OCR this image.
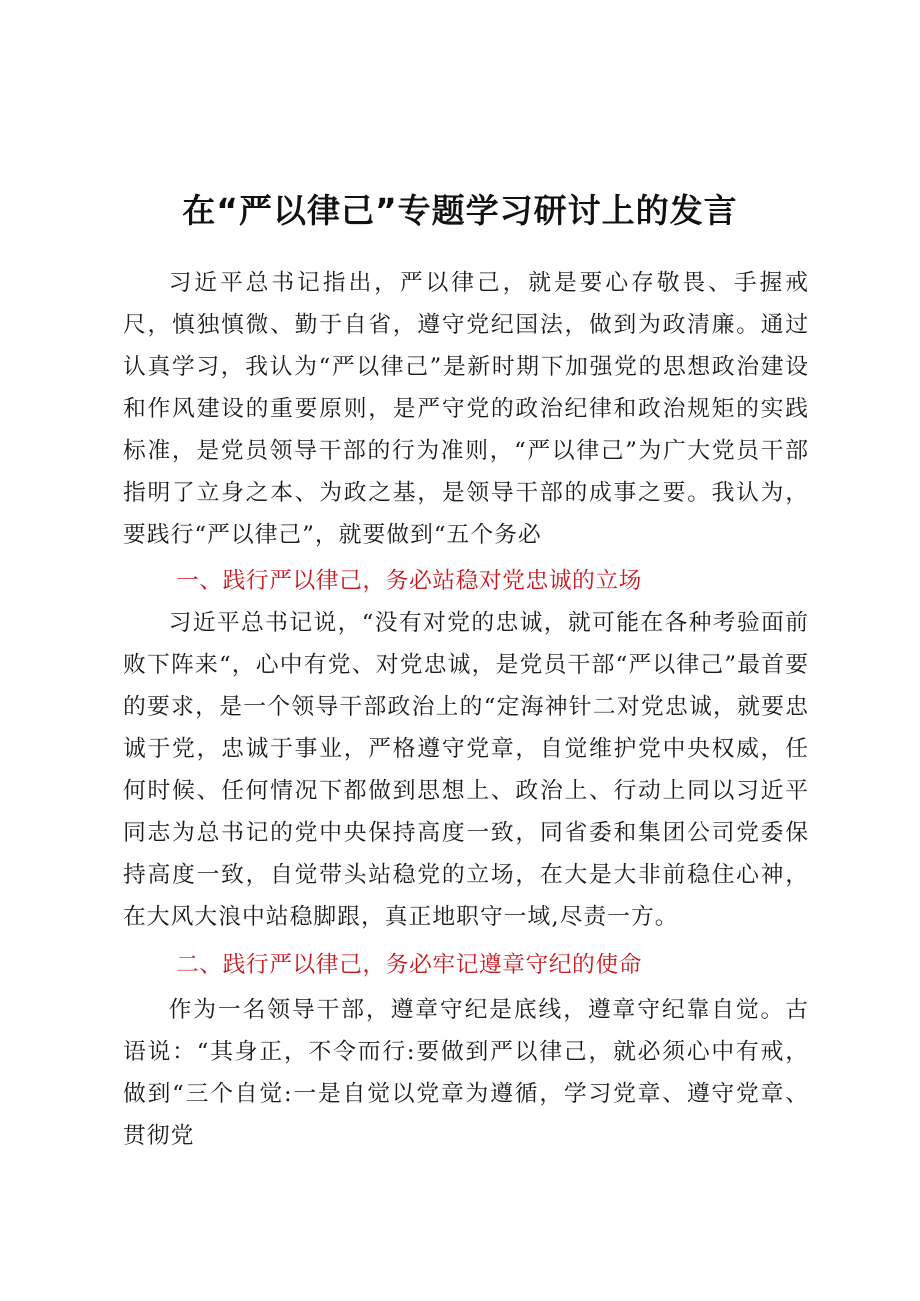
在“严以律己”专题学习研讨上的发言

习近平总书记指出，严以律己，就是要心存敬畏、手握戒尺，慎独慎微、勤于自省，遵守党纪国法，做到为政清廉。通过认真学习，我认为“严以律己”是新时期下加强党的思想政治建设和作风建设的重要原则，是严守党的政治纪律和政治规矩的实践标准，是党员领导干部的行为准则，“严以律己”为广大党员干部指明了立身之本、为政之基，是领导干部的成事之要。我认为，要践行“严以律己”，就要做到“五个务必

一、践行严以律己，务必站稳对党忠诚的立场

习近平总书记说，“没有对党的忠诚，就可能在各种考验面前败下阵来“，心中有党、对党忠诚，是党员干部“严以律己”最首要的要求，是一个领导干部政治上的“定海神针二对党忠诚，就要忠诚于党，忠诚于事业，严格遵守党章，自觉维护党中央权威，任何时候、任何情况下都做到思想上、政治上、行动上同以习近平同志为总书记的党中央保持高度一致，同省委和集团公司党委保持高度一致，自觉带头站稳党的立场，在大是大非前稳住心神，在大风大浪中站稳脚跟，真正地职守一域,尽责一方。

二、践行严以律己，务必牢记遵章守纪的使命

作为一名领导干部，遵章守纪是底线，遵章守纪靠自觉。古语说：“其身正，不令而行:要做到严以律己，就必须心中有戒，做到“三个自觉:一是自觉以党章为遵循，学习党章、遵守党章、贯彻党
